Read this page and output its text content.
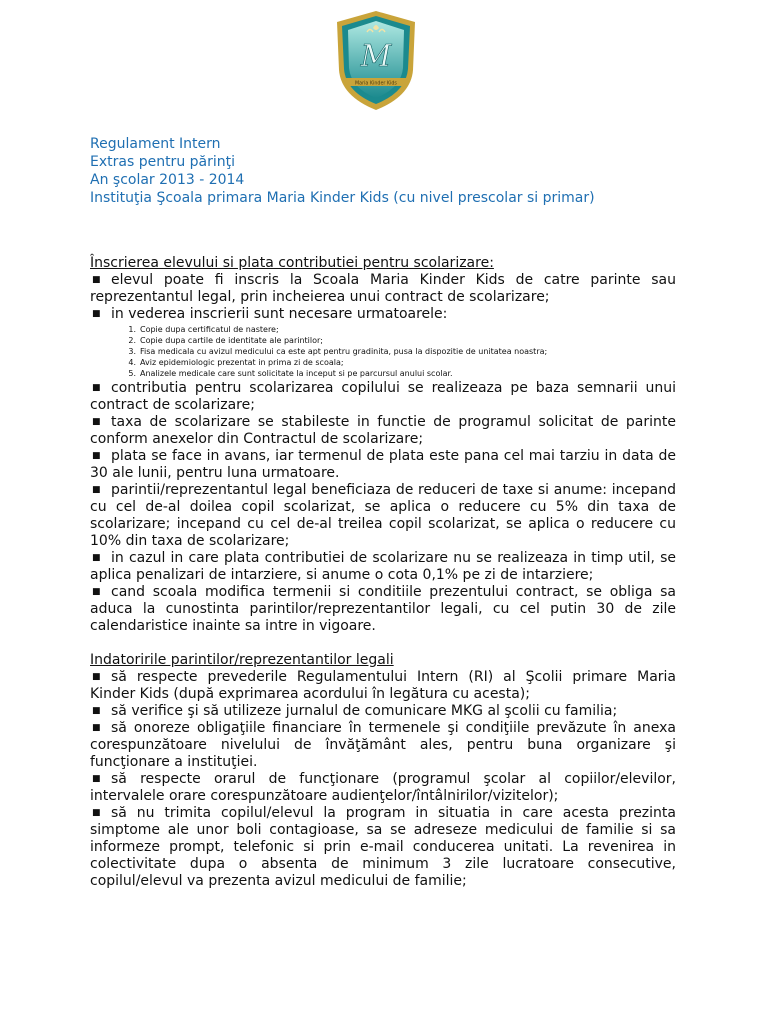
M
Maria Kinder Kids
Regulament Intern
Extras pentru părinţi
An şcolar 2013 - 2014
Instituţia Şcoala primara Maria Kinder Kids (cu nivel prescolar si primar)

Înscrierea elevului si plata contributiei pentru scolarizare:

■ elevul poate fi inscris la Scoala Maria Kinder Kids de catre parinte sau reprezentantul legal, prin incheierea unui contract de scolarizare;

■ in vederea inscrierii sunt necesare urmatoarele:

1. Copie dupa certificatul de nastere;
2. Copie dupa cartile de identitate ale parintilor;
3. Fisa medicala cu avizul medicului ca este apt pentru gradinita, pusa la dispozitie de unitatea noastra;
4. Aviz epidemiologic prezentat in prima zi de scoala;
5. Analizele medicale care sunt solicitate la inceput si pe parcursul anului scolar.

■ contributia pentru scolarizarea copilului se realizeaza pe baza semnarii unui contract de scolarizare;

■ taxa de scolarizare se stabileste in functie de programul solicitat de parinte conform anexelor din Contractul de scolarizare;

■ plata se face in avans, iar termenul de plata este pana cel mai tarziu in data de 30 ale lunii, pentru luna urmatoare.

■ parintii/reprezentantul legal beneficiaza de reduceri de taxe si anume: incepand cu cel de-al doilea copil scolarizat, se aplica o reducere cu 5% din taxa de scolarizare; incepand cu cel de-al treilea copil scolarizat, se aplica o reducere cu 10% din taxa de scolarizare;

■ in cazul in care plata contributiei de scolarizare nu se realizeaza in timp util, se aplica penalizari de intarziere, si anume o cota 0,1% pe zi de intarziere;

■ cand scoala modifica termenii si conditiile prezentului contract, se obliga sa aduca la cunostinta parintilor/reprezentantilor legali, cu cel putin 30 de zile calendaristice inainte sa intre in vigoare.

Indatoririle parintilor/reprezentantilor legali

■ să respecte prevederile Regulamentului Intern (RI) al Şcolii primare Maria Kinder Kids (după exprimarea acordului în legătura cu acesta);

■ să verifice şi să utilizeze jurnalul de comunicare MKG al şcolii cu familia;

■ să onoreze obligaţiile financiare în termenele şi condiţiile prevăzute în anexa corespunzătoare nivelului de învăţământ ales, pentru buna organizare şi funcţionare a instituţiei.

■ să respecte orarul de funcţionare (programul şcolar al copiilor/elevilor, intervalele orare corespunzătoare audienţelor/întâlnirilor/vizitelor);

■ să nu trimita copilul/elevul la program in situatia in care acesta prezinta simptome ale unor boli contagioase, sa se adreseze medicului de familie si sa informeze prompt, telefonic si prin e-mail conducerea unitati. La revenirea in colectivitate dupa o absenta de minimum 3 zile lucratoare consecutive, copilul/elevul va prezenta avizul medicului de familie;
